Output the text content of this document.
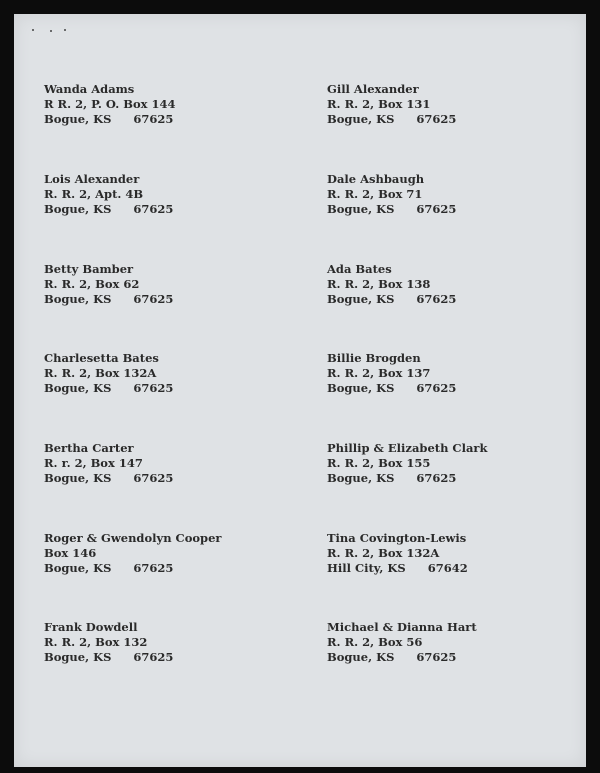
Wanda Adams
R R. 2, P. O. Box 144
Bogue, KS 67625
Gill Alexander
R. R. 2, Box 131
Bogue, KS 67625
Lois Alexander
R. R. 2, Apt. 4B
Bogue, KS 67625
Dale Ashbaugh
R. R. 2, Box 71
Bogue, KS 67625
Betty Bamber
R. R. 2, Box 62
Bogue, KS 67625
Ada Bates
R. R. 2, Box 138
Bogue, KS 67625
Charlesetta Bates
R. R. 2, Box 132A
Bogue, KS 67625
Billie Brogden
R. R. 2, Box 137
Bogue, KS 67625
Bertha Carter
R. r. 2, Box 147
Bogue, KS 67625
Phillip & Elizabeth Clark
R. R. 2, Box 155
Bogue, KS 67625
Roger & Gwendolyn Cooper
Box 146
Bogue, KS 67625
Tina Covington-Lewis
R. R. 2, Box 132A
Hill City, KS 67642
Frank Dowdell
R. R. 2, Box 132
Bogue, KS 67625
Michael & Dianna Hart
R. R. 2, Box 56
Bogue, KS 67625
